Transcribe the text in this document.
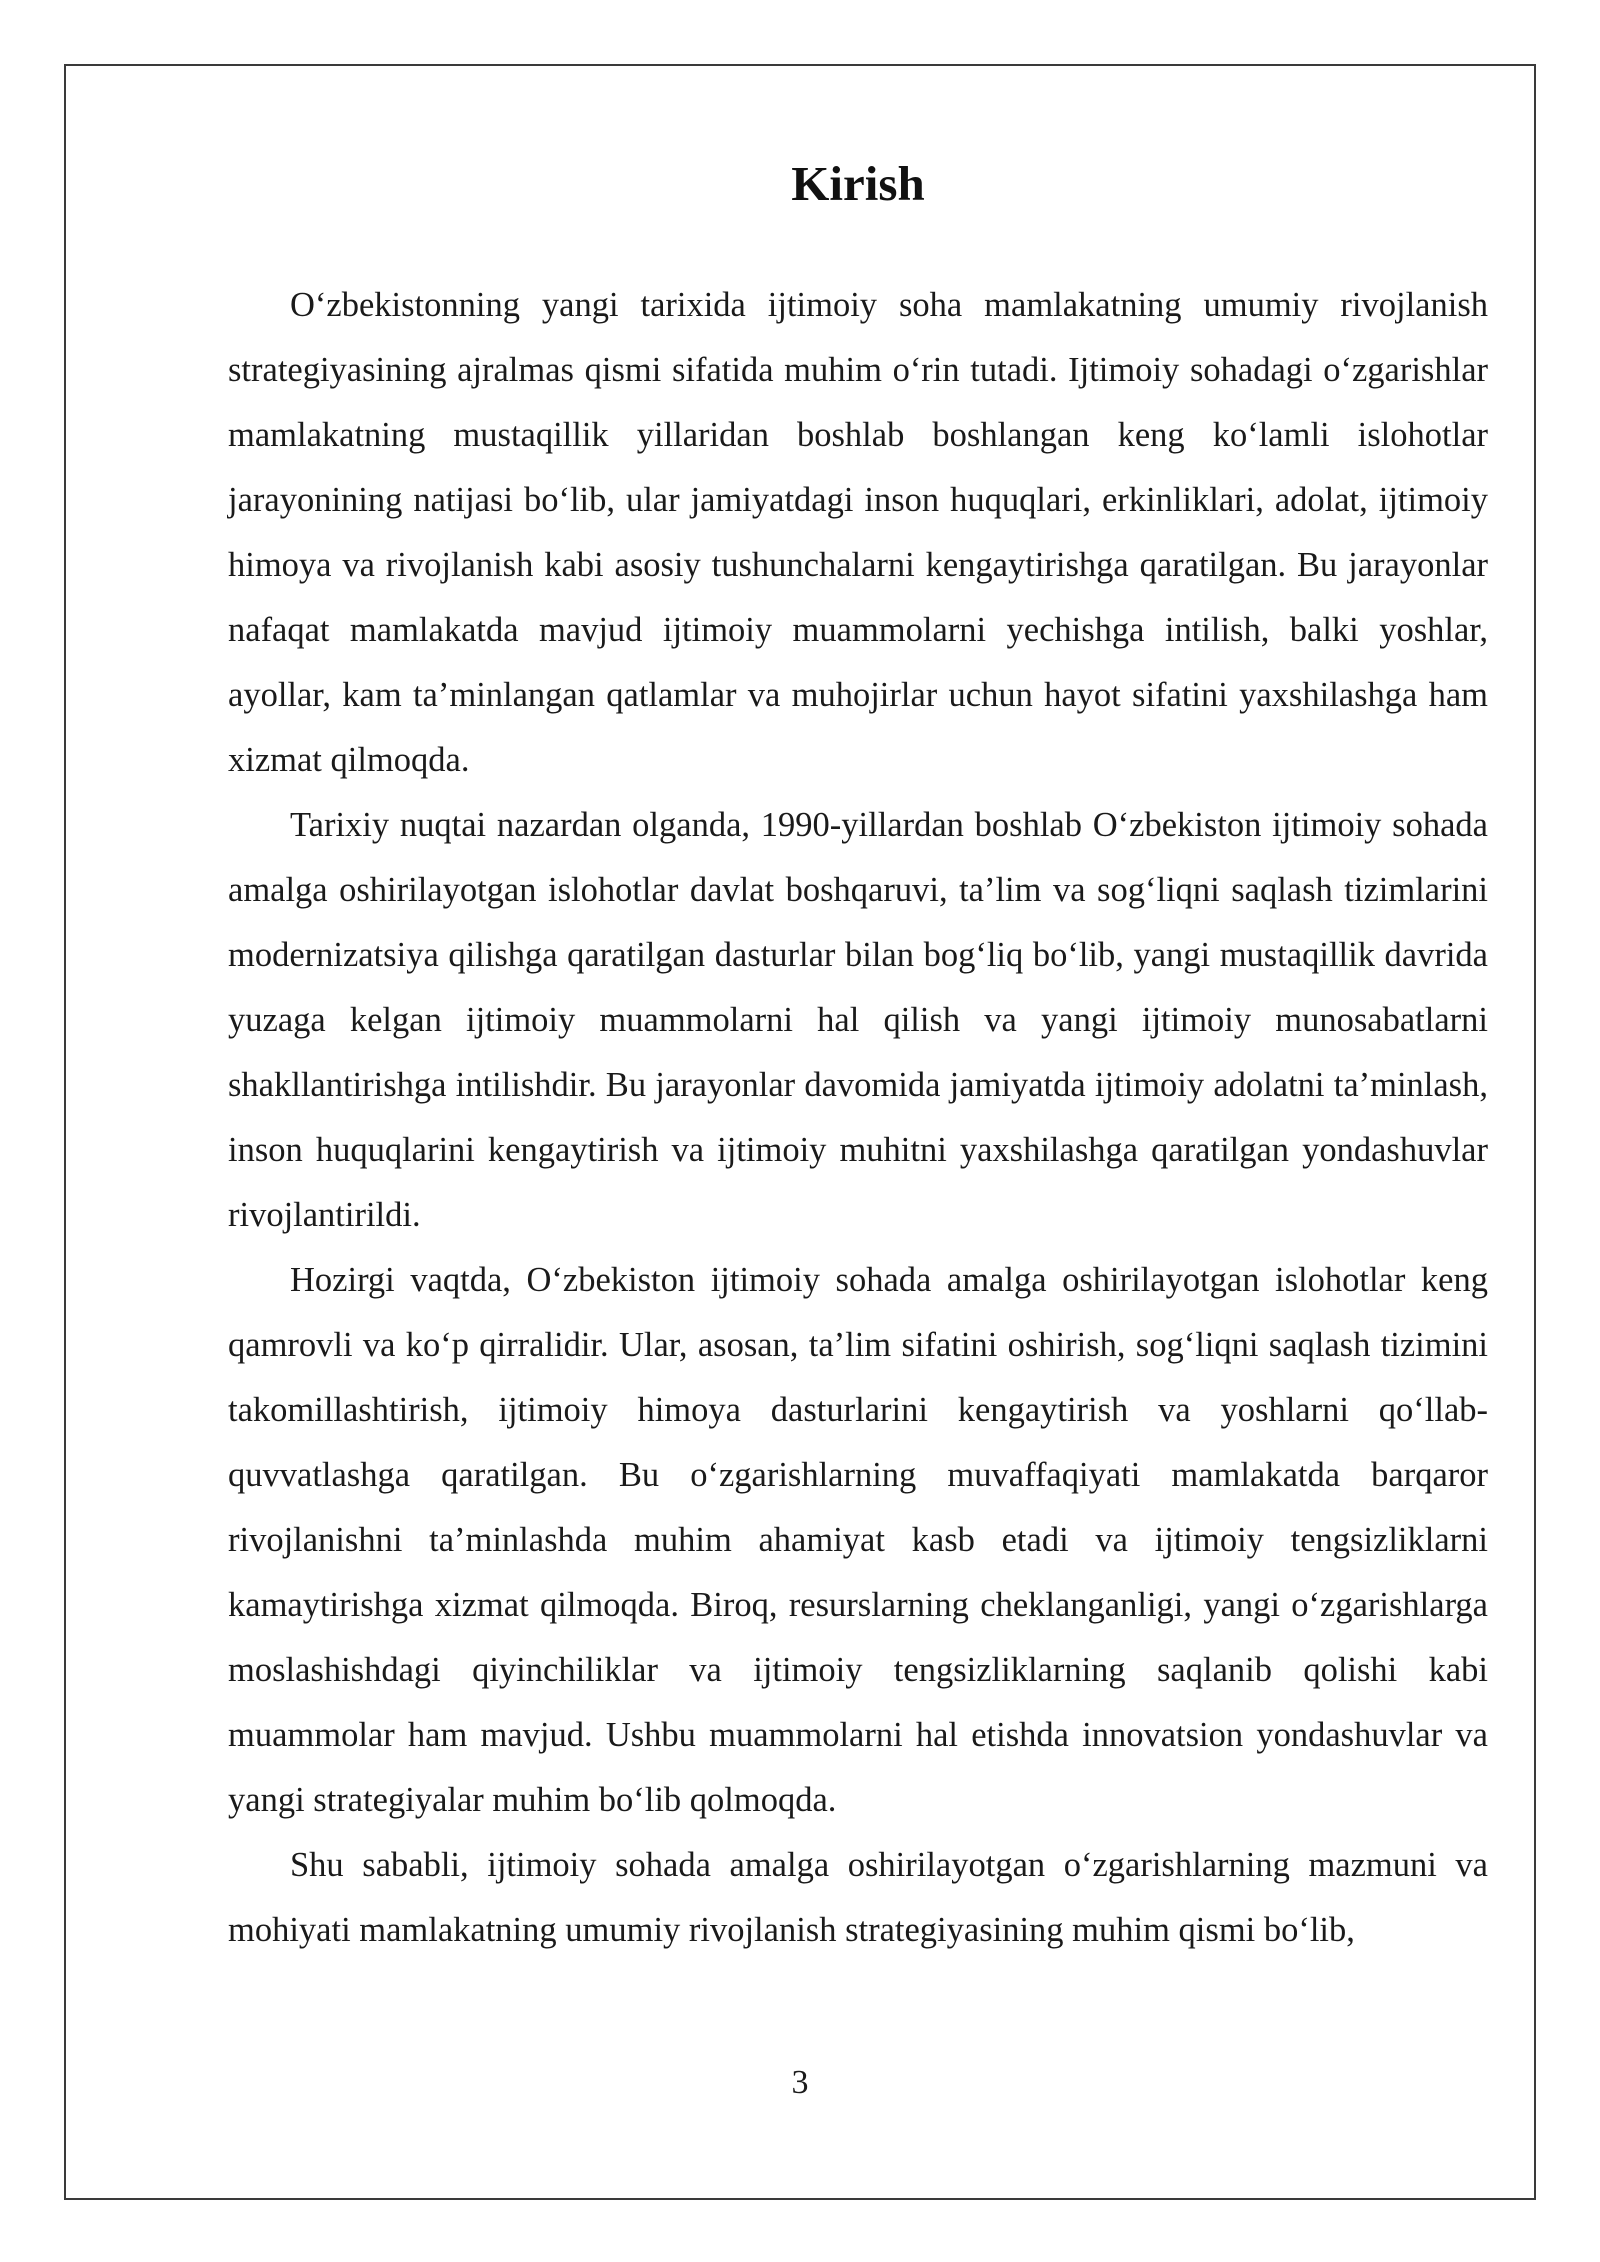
Kirish

O‘zbekistonning yangi tarixida ijtimoiy soha mamlakatning umumiy rivojlanish strategiyasining ajralmas qismi sifatida muhim o‘rin tutadi. Ijtimoiy sohadagi o‘zgarishlar mamlakatning mustaqillik yillaridan boshlab boshlangan keng ko‘lamli islohotlar jarayonining natijasi bo‘lib, ular jamiyatdagi inson huquqlari, erkinliklari, adolat, ijtimoiy himoya va rivojlanish kabi asosiy tushunchalarni kengaytirishga qaratilgan. Bu jarayonlar nafaqat mamlakatda mavjud ijtimoiy muammolarni yechishga intilish, balki yoshlar, ayollar, kam ta’minlangan qatlamlar va muhojirlar uchun hayot sifatini yaxshilashga ham xizmat qilmoqda.

Tarixiy nuqtai nazardan olganda, 1990-yillardan boshlab O‘zbekiston ijtimoiy sohada amalga oshirilayotgan islohotlar davlat boshqaruvi, ta’lim va sog‘liqni saqlash tizimlarini modernizatsiya qilishga qaratilgan dasturlar bilan bog‘liq bo‘lib, yangi mustaqillik davrida yuzaga kelgan ijtimoiy muammolarni hal qilish va yangi ijtimoiy munosabatlarni shakllantirishga intilishdir. Bu jarayonlar davomida jamiyatda ijtimoiy adolatni ta’minlash, inson huquqlarini kengaytirish va ijtimoiy muhitni yaxshilashga qaratilgan yondashuvlar rivojlantirildi.

Hozirgi vaqtda, O‘zbekiston ijtimoiy sohada amalga oshirilayotgan islohotlar keng qamrovli va ko‘p qirralidir. Ular, asosan, ta’lim sifatini oshirish, sog‘liqni saqlash tizimini takomillashtirish, ijtimoiy himoya dasturlarini kengaytirish va yoshlarni qo‘llab-quvvatlashga qaratilgan. Bu o‘zgarishlarning muvaffaqiyati mamlakatda barqaror rivojlanishni ta’minlashda muhim ahamiyat kasb etadi va ijtimoiy tengsizliklarni kamaytirishga xizmat qilmoqda. Biroq, resurslarning cheklanganligi, yangi o‘zgarishlarga moslashishdagi qiyinchiliklar va ijtimoiy tengsizliklarning saqlanib qolishi kabi muammolar ham mavjud. Ushbu muammolarni hal etishda innovatsion yondashuvlar va yangi strategiyalar muhim bo‘lib qolmoqda.

Shu sababli, ijtimoiy sohada amalga oshirilayotgan o‘zgarishlarning mazmuni va mohiyati mamlakatning umumiy rivojlanish strategiyasining muhim qismi bo‘lib,

3
